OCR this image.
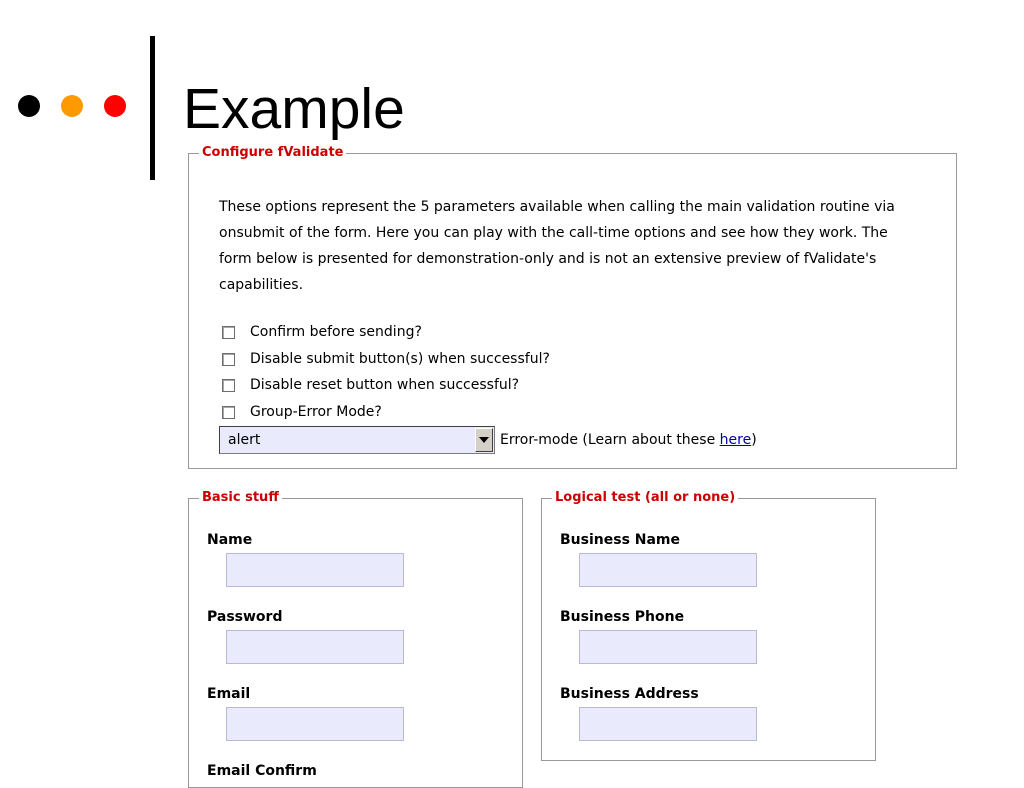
Example
Configure fValidate

These options represent the 5 parameters available when calling the main validation routine via onsubmit of the form. Here you can play with the call-time options and see how they work. The form below is presented for demonstration-only and is not an extensive preview of fValidate's capabilities.

Confirm before sending?
Disable submit button(s) when successful?
Disable reset button when successful?
Group-Error Mode?
alert	Error-mode (Learn about these here)
Basic stuff
Name
Password
Email
Email Confirm
Logical test (all or none)
Business Name
Business Phone
Business Address
